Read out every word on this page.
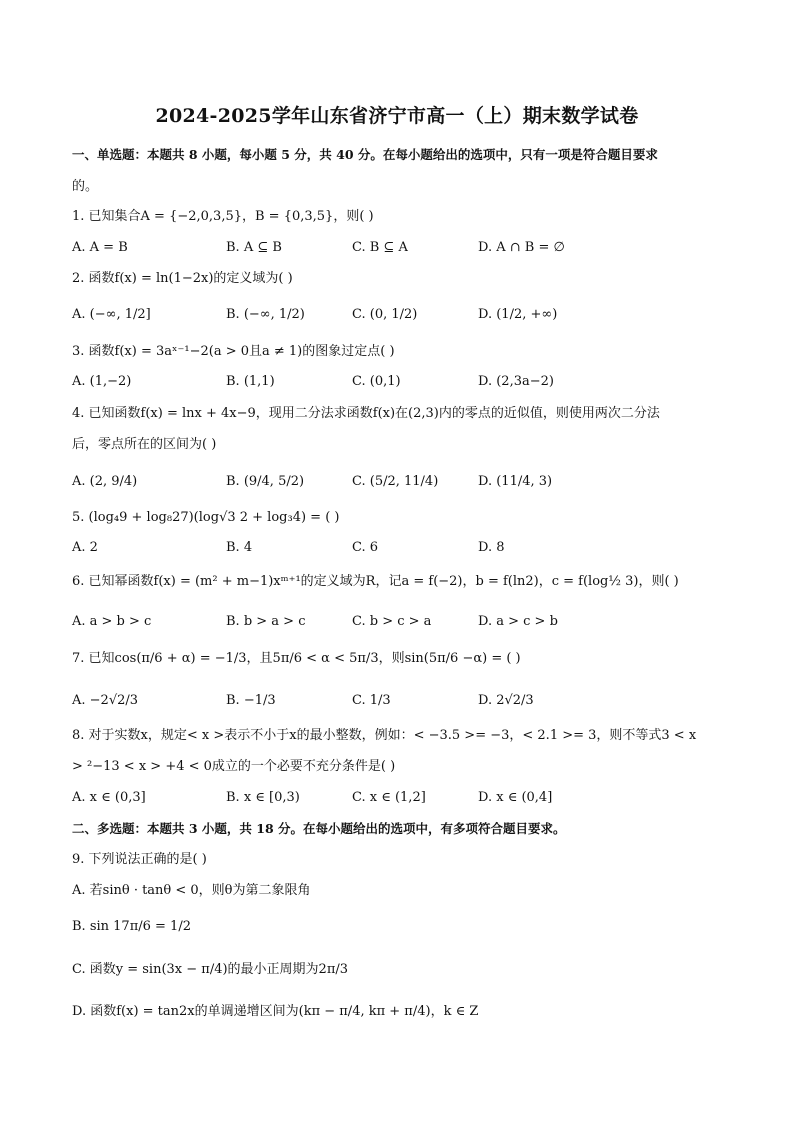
2024-2025学年山东省济宁市高一（上）期末数学试卷
一、单选题：本题共 8 小题，每小题 5 分，共 40 分。在每小题给出的选项中，只有一项是符合题目要求
的。
1. 已知集合A = {−2,0,3,5}，B = {0,3,5}，则( )
A. A = B	B. A ⊆ B	C. B ⊆ A	D. A ∩ B = ∅
2. 函数f(x) = ln(1−2x)的定义域为( )
A. (−∞, 1/2]	B. (−∞, 1/2)	C. (0, 1/2)	D. (1/2, +∞)
3. 函数f(x) = 3aˣ⁻¹−2(a > 0且a ≠ 1)的图象过定点( )
A. (1,−2)	B. (1,1)	C. (0,1)	D. (2,3a−2)
4. 已知函数f(x) = lnx + 4x−9，现用二分法求函数f(x)在(2,3)内的零点的近似值，则使用两次二分法
后，零点所在的区间为( )
A. (2, 9/4)	B. (9/4, 5/2)	C. (5/2, 11/4)	D. (11/4, 3)
5. (log₄9 + log₈27)(log√3 2 + log₃4) = ( )
A. 2	B. 4	C. 6	D. 8
6. 已知幂函数f(x) = (m² + m−1)xᵐ⁺¹的定义域为R，记a = f(−2)，b = f(ln2)，c = f(log½ 3)，则( )
A. a > b > c	B. b > a > c	C. b > c > a	D. a > c > b
7. 已知cos(π/6 + α) = −1/3，且5π/6 < α < 5π/3，则sin(5π/6 −α) = ( )
A. −2√2/3	B. −1/3	C. 1/3	D. 2√2/3
8. 对于实数x，规定< x >表示不小于x的最小整数，例如：< −3.5 >= −3，< 2.1 >= 3，则不等式3 < x
> ²−13 < x > +4 < 0成立的一个必要不充分条件是( )
A. x ∈ (0,3]	B. x ∈ [0,3)	C. x ∈ (1,2]	D. x ∈ (0,4]
二、多选题：本题共 3 小题，共 18 分。在每小题给出的选项中，有多项符合题目要求。
9. 下列说法正确的是( )
A. 若sinθ · tanθ < 0，则θ为第二象限角
B. sin 17π/6 = 1/2
C. 函数y = sin(3x − π/4)的最小正周期为2π/3
D. 函数f(x) = tan2x的单调递增区间为(kπ − π/4, kπ + π/4)，k ∈ Z
